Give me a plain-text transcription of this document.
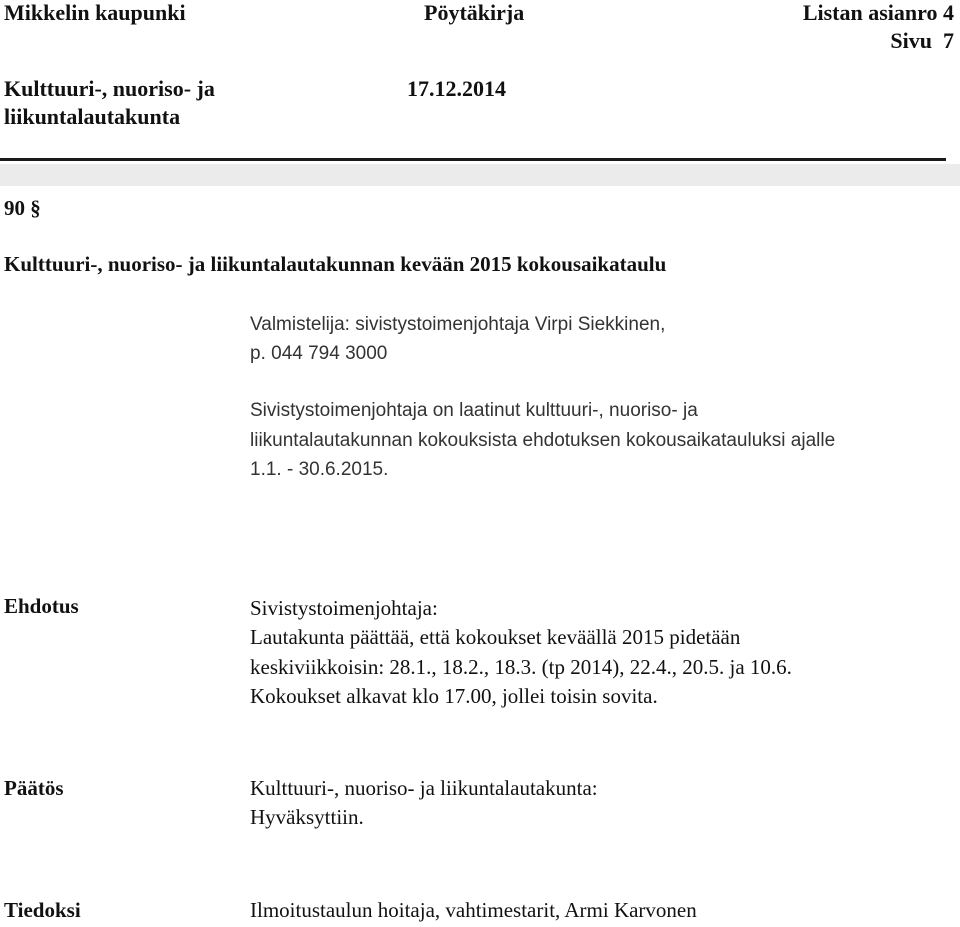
Mikkelin kaupunki	Pöytäkirja	Listan asianro 4
Sivu  7
Kulttuuri-, nuoriso- ja
liikuntalautakunta
17.12.2014
90 §
Kulttuuri-, nuoriso- ja liikuntalautakunnan kevään 2015 kokousaikataulu
Valmistelija: sivistystoimenjohtaja Virpi Siekkinen,
p. 044 794 3000
Sivistystoimenjohtaja on laatinut kulttuuri-, nuoriso- ja
liikuntalautakunnan kokouksista ehdotuksen kokousaikatauluksi ajalle
1.1. - 30.6.2015.
Ehdotus	Sivistystoimenjohtaja:
Lautakunta päättää, että kokoukset keväällä 2015 pidetään
keskiviikkoisin: 28.1., 18.2., 18.3. (tp 2014), 22.4., 20.5. ja 10.6.
Kokoukset alkavat klo 17.00, jollei toisin sovita.
Päätös	Kulttuuri-, nuoriso- ja liikuntalautakunta:
Hyväksyttiin.
Tiedoksi	Ilmoitustaulun hoitaja, vahtimestarit, Armi Karvonen
